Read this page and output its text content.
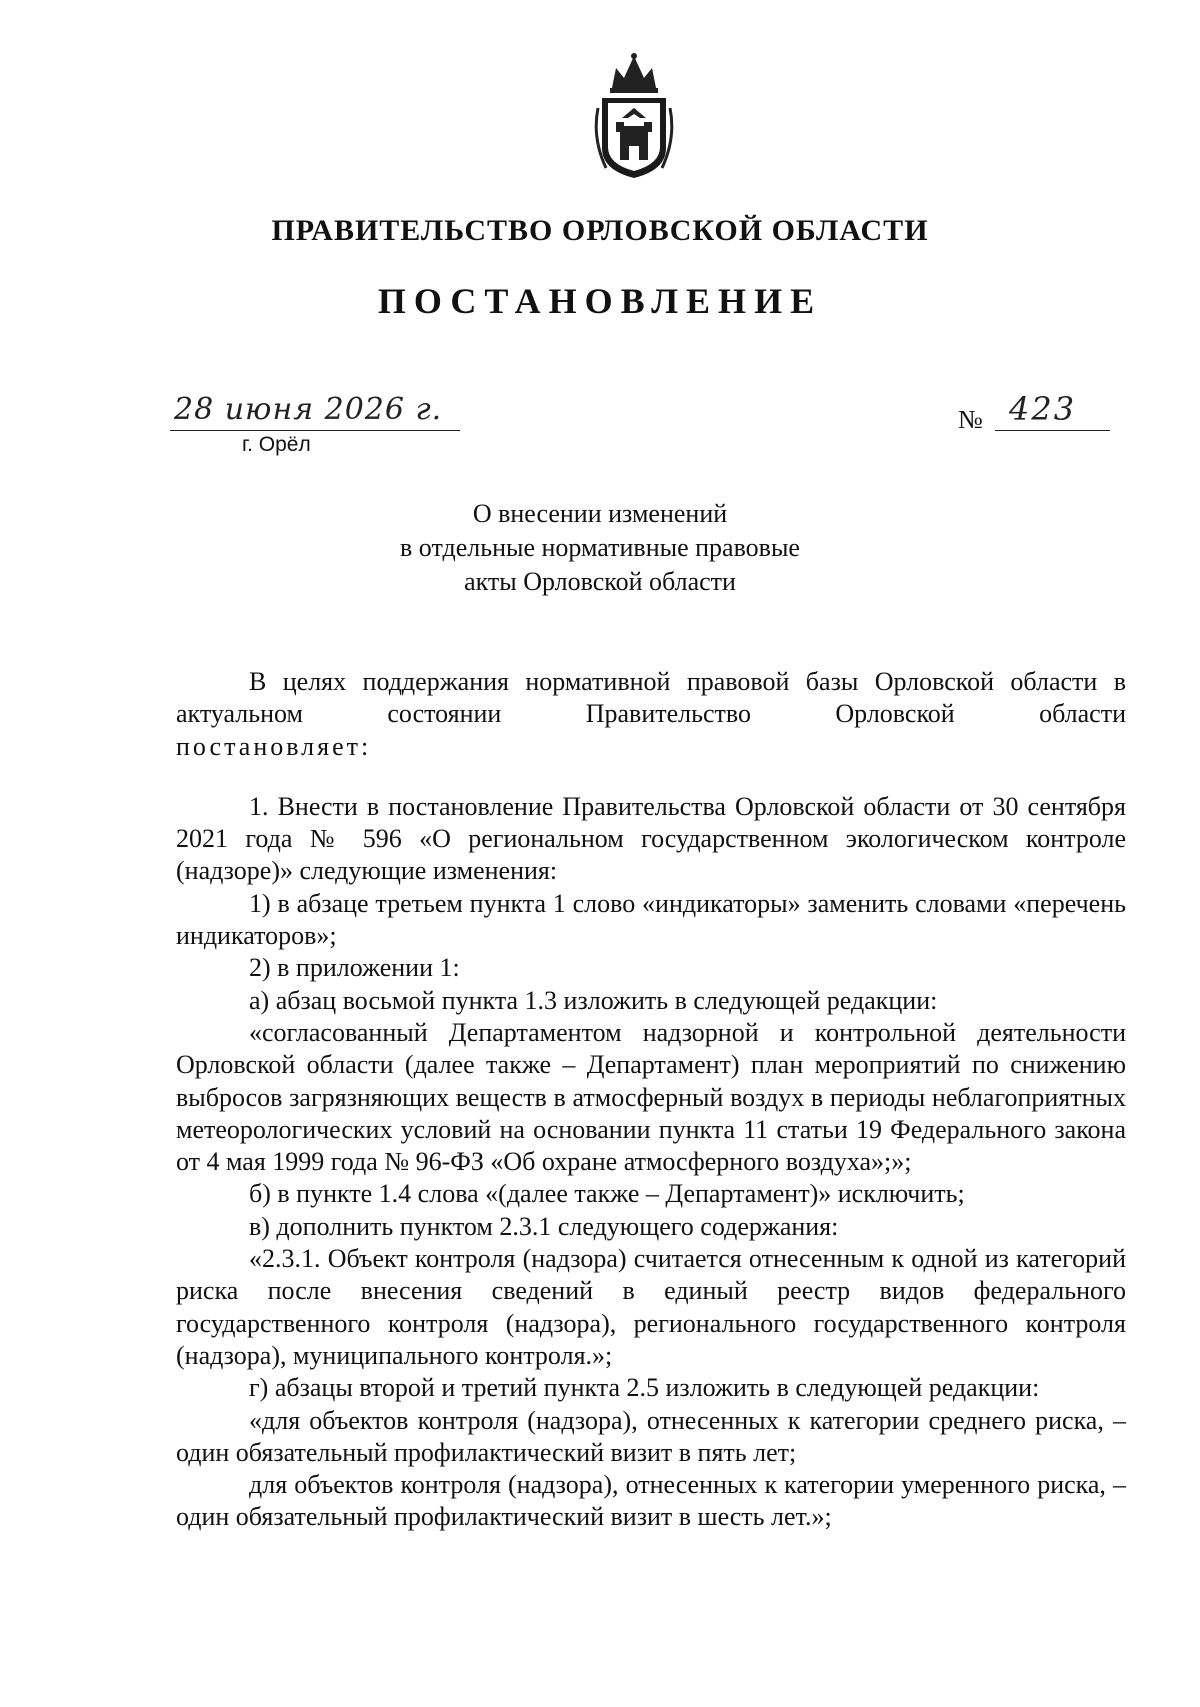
ПРАВИТЕЛЬСТВО ОРЛОВСКОЙ ОБЛАСТИ
ПОСТАНОВЛЕНИЕ
28 июня 2026 г.
г. Орёл
№ 423
О внесении изменений
в отдельные нормативные правовые
акты Орловской области
В целях поддержания нормативной правовой базы Орловской области в актуальном состоянии Правительство Орловской области
постановляет:
1. Внести в постановление Правительства Орловской области от 30 сентября 2021 года № 596 «О региональном государственном экологическом контроле (надзоре)» следующие изменения:
1) в абзаце третьем пункта 1 слово «индикаторы» заменить словами «перечень индикаторов»;
2) в приложении 1:
а) абзац восьмой пункта 1.3 изложить в следующей редакции:
«согласованный Департаментом надзорной и контрольной деятельности Орловской области (далее также – Департамент) план мероприятий по снижению выбросов загрязняющих веществ в атмосферный воздух в периоды неблагоприятных метеорологических условий на основании пункта 11 статьи 19 Федерального закона от 4 мая 1999 года № 96-ФЗ «Об охране атмосферного воздуха»;»;
б) в пункте 1.4 слова «(далее также – Департамент)» исключить;
в) дополнить пунктом 2.3.1 следующего содержания:
«2.3.1. Объект контроля (надзора) считается отнесенным к одной из категорий риска после внесения сведений в единый реестр видов федерального государственного контроля (надзора), регионального государственного контроля (надзора), муниципального контроля.»;
г) абзацы второй и третий пункта 2.5 изложить в следующей редакции:
«для объектов контроля (надзора), отнесенных к категории среднего риска, – один обязательный профилактический визит в пять лет;
для объектов контроля (надзора), отнесенных к категории умеренного риска, – один обязательный профилактический визит в шесть лет.»;
